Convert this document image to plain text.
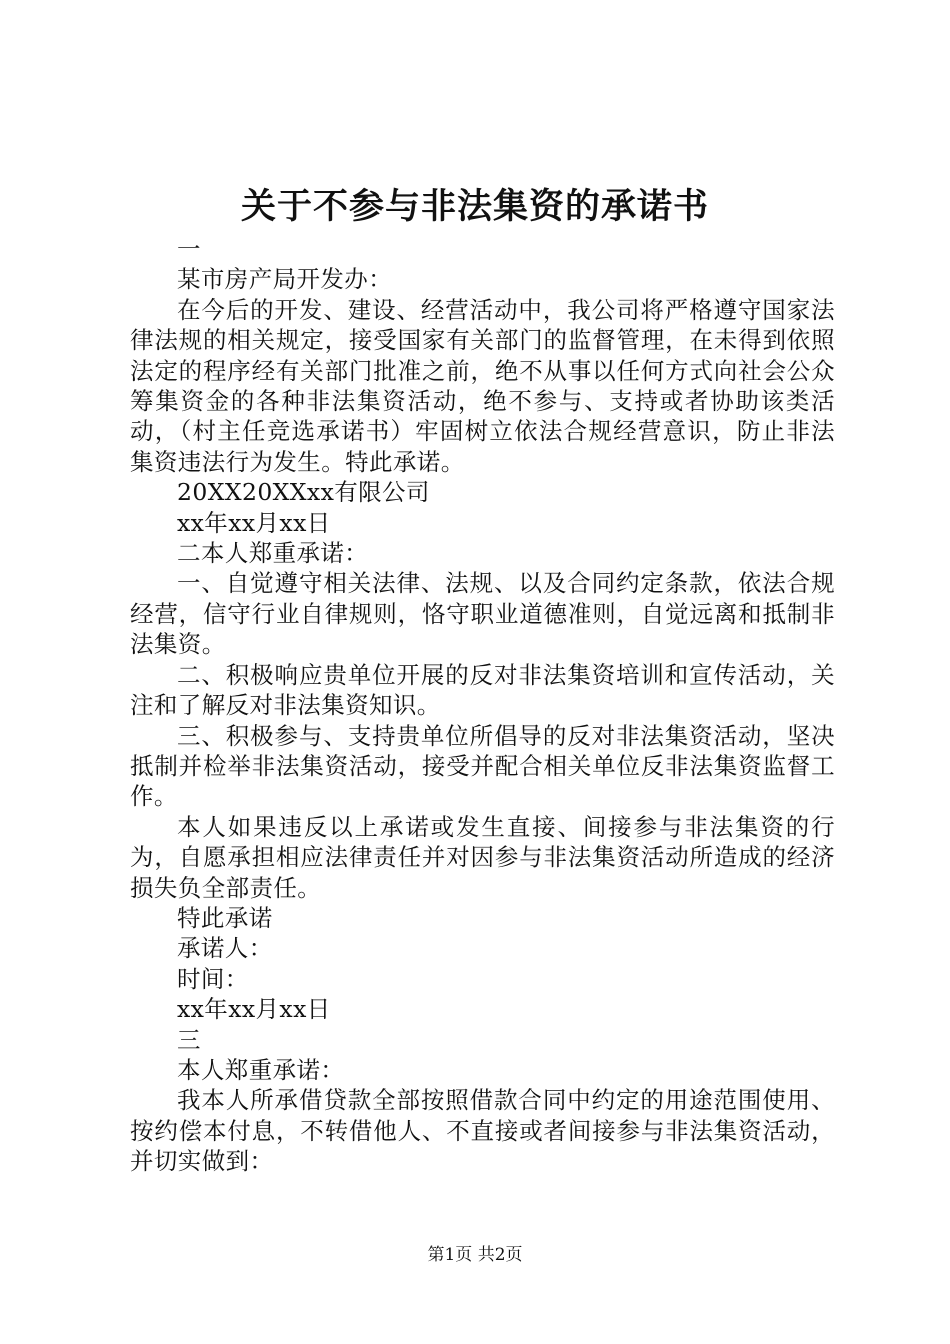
关于不参与非法集资的承诺书

一

某市房产局开发办：

在今后的开发、建设、经营活动中，我公司将严格遵守国家法律法规的相关规定，接受国家有关部门的监督管理，在未得到依照法定的程序经有关部门批准之前，绝不从事以任何方式向社会公众筹集资金的各种非法集资活动，绝不参与、支持或者协助该类活动，（村主任竞选承诺书）牢固树立依法合规经营意识，防止非法集资违法行为发生。特此承诺。

20XX20XXxx有限公司

xx年xx月xx日

二本人郑重承诺：

一、自觉遵守相关法律、法规、以及合同约定条款，依法合规经营，信守行业自律规则，恪守职业道德准则，自觉远离和抵制非法集资。

二、积极响应贵单位开展的反对非法集资培训和宣传活动，关注和了解反对非法集资知识。

三、积极参与、支持贵单位所倡导的反对非法集资活动，坚决抵制并检举非法集资活动，接受并配合相关单位反非法集资监督工作。

本人如果违反以上承诺或发生直接、间接参与非法集资的行为，自愿承担相应法律责任并对因参与非法集资活动所造成的经济损失负全部责任。

特此承诺

承诺人：

时间：

xx年xx月xx日

三

本人郑重承诺：

我本人所承借贷款全部按照借款合同中约定的用途范围使用、按约偿本付息，不转借他人、不直接或者间接参与非法集资活动，并切实做到：

第1页 共2页
